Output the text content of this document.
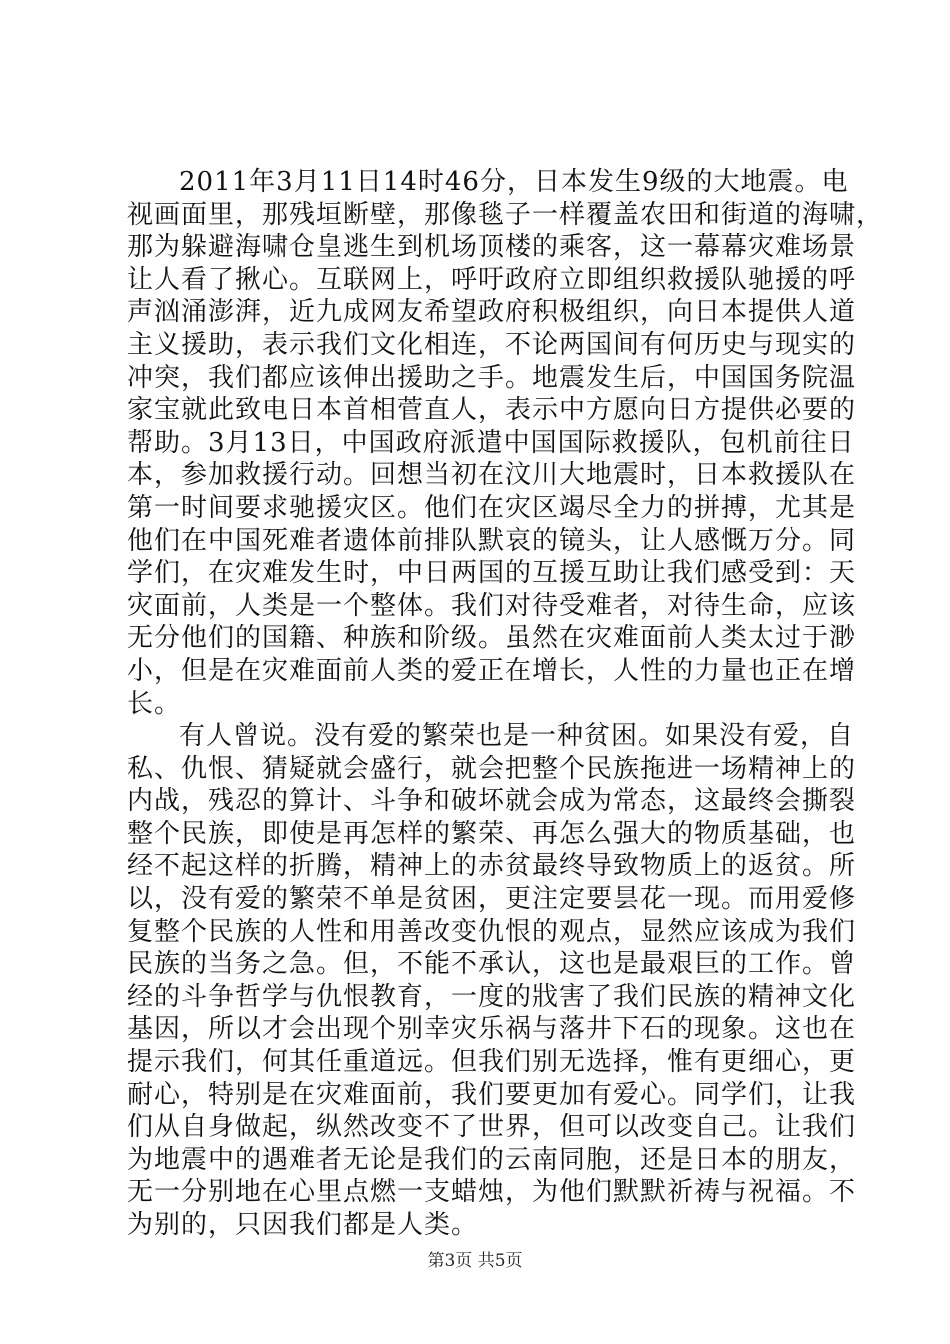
2011年3月11日14时46分，日本发生9级的大地震。电
视画面里，那残垣断壁，那像毯子一样覆盖农田和街道的海啸，
那为躲避海啸仓皇逃生到机场顶楼的乘客，这一幕幕灾难场景
让人看了揪心。互联网上，呼吁政府立即组织救援队驰援的呼
声汹涌澎湃，近九成网友希望政府积极组织，向日本提供人道
主义援助，表示我们文化相连，不论两国间有何历史与现实的
冲突，我们都应该伸出援助之手。地震发生后，中国国务院温
家宝就此致电日本首相菅直人，表示中方愿向日方提供必要的
帮助。3月13日，中国政府派遣中国国际救援队，包机前往日
本，参加救援行动。回想当初在汶川大地震时，日本救援队在
第一时间要求驰援灾区。他们在灾区竭尽全力的拼搏，尤其是
他们在中国死难者遗体前排队默哀的镜头，让人感慨万分。同
学们，在灾难发生时，中日两国的互援互助让我们感受到：天
灾面前，人类是一个整体。我们对待受难者，对待生命，应该
无分他们的国籍、种族和阶级。虽然在灾难面前人类太过于渺
小，但是在灾难面前人类的爱正在增长，人性的力量也正在增
长。
有人曾说。没有爱的繁荣也是一种贫困。如果没有爱，自
私、仇恨、猜疑就会盛行，就会把整个民族拖进一场精神上的
内战，残忍的算计、斗争和破坏就会成为常态，这最终会撕裂
整个民族，即使是再怎样的繁荣、再怎么强大的物质基础，也
经不起这样的折腾，精神上的赤贫最终导致物质上的返贫。所
以，没有爱的繁荣不单是贫困，更注定要昙花一现。而用爱修
复整个民族的人性和用善改变仇恨的观点，显然应该成为我们
民族的当务之急。但，不能不承认，这也是最艰巨的工作。曾
经的斗争哲学与仇恨教育，一度的戕害了我们民族的精神文化
基因，所以才会出现个别幸灾乐祸与落井下石的现象。这也在
提示我们，何其任重道远。但我们别无选择，惟有更细心，更
耐心，特别是在灾难面前，我们要更加有爱心。同学们，让我
们从自身做起，纵然改变不了世界，但可以改变自己。让我们
为地震中的遇难者无论是我们的云南同胞，还是日本的朋友，
无一分别地在心里点燃一支蜡烛，为他们默默祈祷与祝福。不
为别的，只因我们都是人类。
第3页 共5页
